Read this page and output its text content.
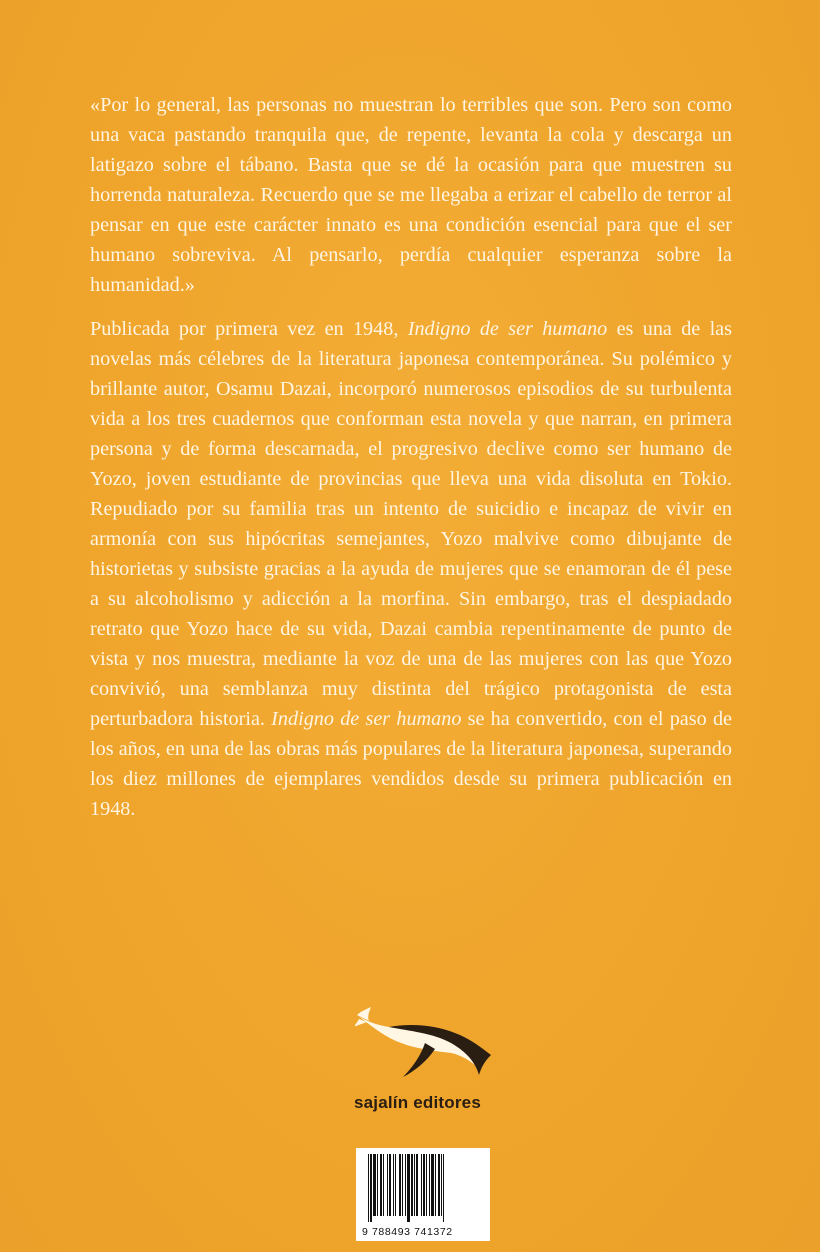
«Por lo general, las personas no muestran lo terribles que son. Pero son como una vaca pastando tranquila que, de repente, levanta la cola y descarga un latigazo sobre el tábano. Basta que se dé la ocasión para que muestren su horrenda naturaleza. Recuerdo que se me llegaba a erizar el cabello de terror al pensar en que este carácter innato es una condición esencial para que el ser humano sobreviva. Al pensarlo, perdía cualquier esperanza sobre la humanidad.»

Publicada por primera vez en 1948, Indigno de ser humano es una de las novelas más célebres de la literatura japonesa contemporánea. Su polémico y brillante autor, Osamu Dazai, incorporó numerosos episodios de su turbulenta vida a los tres cuadernos que conforman esta novela y que narran, en primera persona y de forma descarnada, el progresivo declive como ser humano de Yozo, joven estudiante de provincias que lleva una vida disoluta en Tokio. Repudiado por su familia tras un intento de suicidio e incapaz de vivir en armonía con sus hipócritas semejantes, Yozo malvive como dibujante de historietas y subsiste gracias a la ayuda de mujeres que se enamoran de él pese a su alcoholismo y adicción a la morfina. Sin embargo, tras el despiadado retrato que Yozo hace de su vida, Dazai cambia repentinamente de punto de vista y nos muestra, mediante la voz de una de las mujeres con las que Yozo convivió, una semblanza muy distinta del trágico protagonista de esta perturbadora historia. Indigno de ser humano se ha convertido, con el paso de los años, en una de las obras más populares de la literatura japonesa, superando los diez millones de ejemplares vendidos desde su primera publicación en 1948.

sajalín editores
9 788493 741372
